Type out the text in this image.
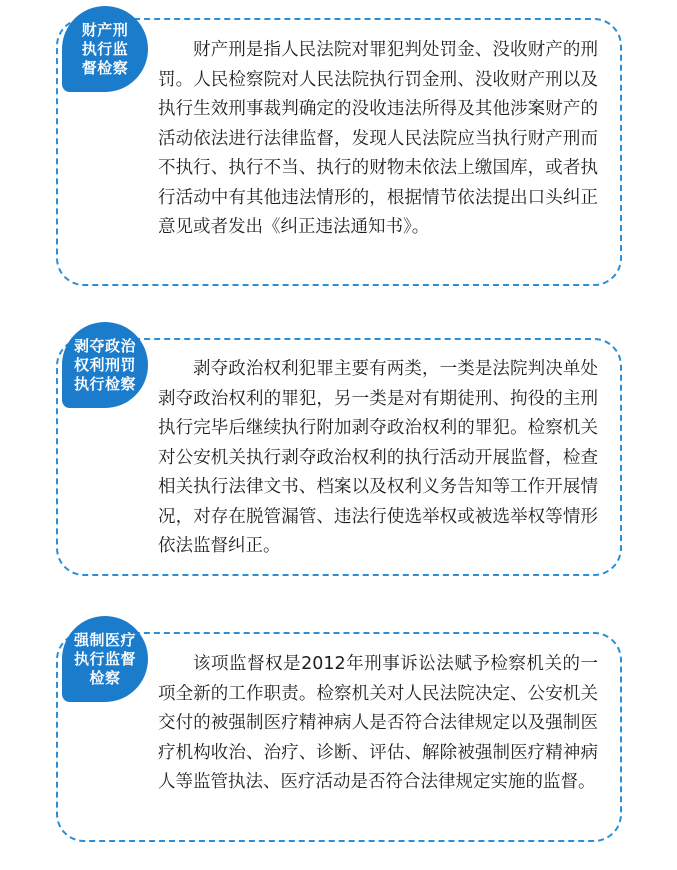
财产刑
执行监
督检察

财产刑是指人民法院对罪犯判处罚金、没收财产的刑罚。人民检察院对人民法院执行罚金刑、没收财产刑以及执行生效刑事裁判确定的没收违法所得及其他涉案财产的活动依法进行法律监督，发现人民法院应当执行财产刑而不执行、执行不当、执行的财物未依法上缴国库，或者执行活动中有其他违法情形的，根据情节依法提出口头纠正意见或者发出《纠正违法通知书》。

剥夺政治
权利刑罚
执行检察

剥夺政治权利犯罪主要有两类，一类是法院判决单处剥夺政治权利的罪犯，另一类是对有期徒刑、拘役的主刑执行完毕后继续执行附加剥夺政治权利的罪犯。检察机关对公安机关执行剥夺政治权利的执行活动开展监督，检查相关执行法律文书、档案以及权利义务告知等工作开展情况，对存在脱管漏管、违法行使选举权或被选举权等情形依法监督纠正。

强制医疗
执行监督
检察

该项监督权是2012年刑事诉讼法赋予检察机关的一项全新的工作职责。检察机关对人民法院决定、公安机关交付的被强制医疗精神病人是否符合法律规定以及强制医疗机构收治、治疗、诊断、评估、解除被强制医疗精神病人等监管执法、医疗活动是否符合法律规定实施的监督。
